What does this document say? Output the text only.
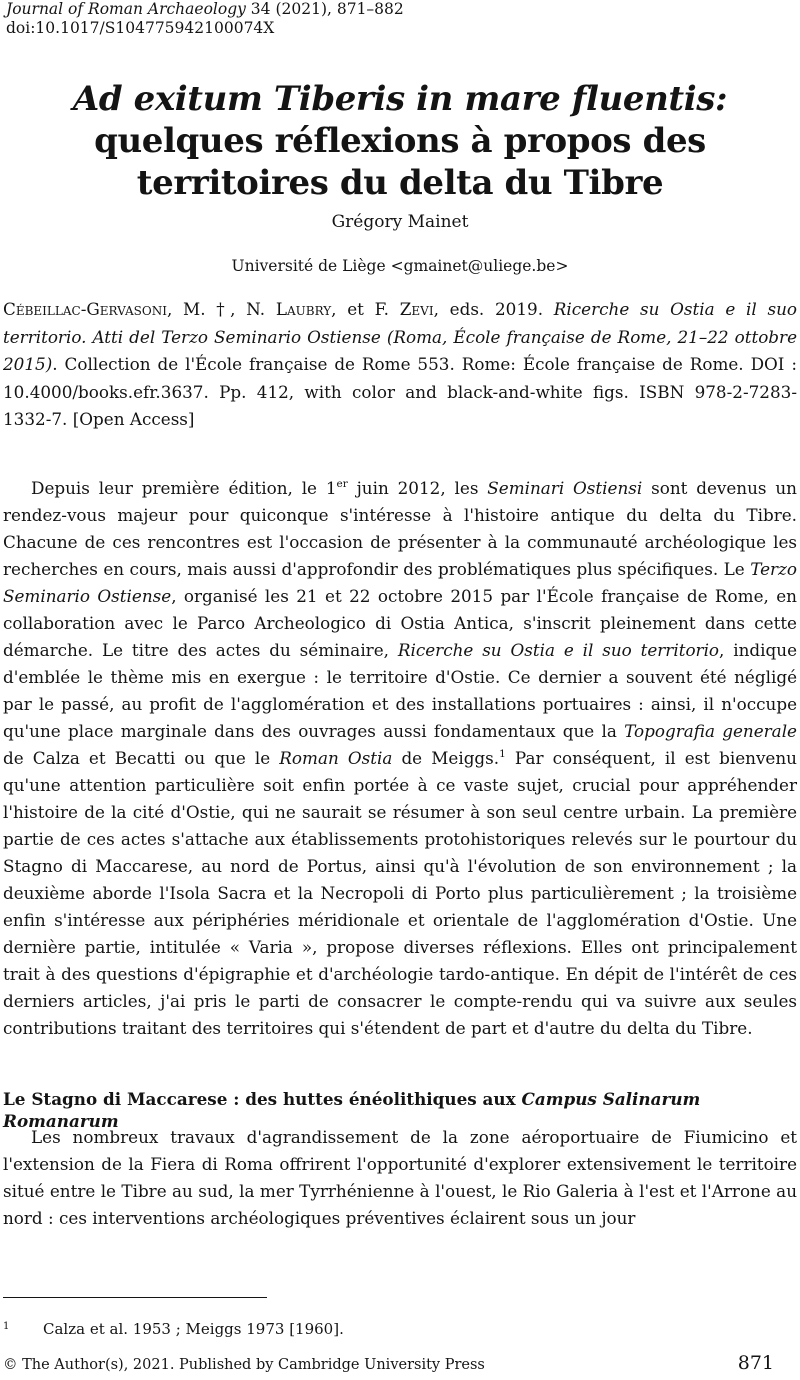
Journal of Roman Archaeology 34 (2021), 871–882
doi:10.1017/S104775942100074X
Ad exitum Tiberis in mare fluentis: quelques réflexions à propos des territoires du delta du Tibre
Grégory Mainet
Université de Liège <gmainet@uliege.be>
Cébeillac-Gervasoni, M. †, N. Laubry, et F. Zevi, eds. 2019. Ricerche su Ostia e il suo territorio. Atti del Terzo Seminario Ostiense (Roma, École française de Rome, 21–22 ottobre 2015). Collection de l'École française de Rome 553. Rome: École française de Rome. DOI : 10.4000/books.efr.3637. Pp. 412, with color and black-and-white figs. ISBN 978-2-7283-1332-7. [Open Access]

Depuis leur première édition, le 1er juin 2012, les Seminari Ostiensi sont devenus un rendez-vous majeur pour quiconque s'intéresse à l'histoire antique du delta du Tibre. Chacune de ces rencontres est l'occasion de présenter à la communauté archéologique les recherches en cours, mais aussi d'approfondir des problématiques plus spécifiques. Le Terzo Seminario Ostiense, organisé les 21 et 22 octobre 2015 par l'École française de Rome, en collaboration avec le Parco Archeologico di Ostia Antica, s'inscrit pleinement dans cette démarche. Le titre des actes du séminaire, Ricerche su Ostia e il suo territorio, indique d'emblée le thème mis en exergue : le territoire d'Ostie. Ce dernier a souvent été négligé par le passé, au profit de l'agglomération et des installations portuaires : ainsi, il n'occupe qu'une place marginale dans des ouvrages aussi fondamentaux que la Topografia generale de Calza et Becatti ou que le Roman Ostia de Meiggs.$^1$ Par conséquent, il est bienvenu qu'une attention particulière soit enfin portée à ce vaste sujet, crucial pour appréhender l'histoire de la cité d'Ostie, qui ne saurait se résumer à son seul centre urbain. La première partie de ces actes s'attache aux établissements protohistoriques relevés sur le pourtour du Stagno di Maccarese, au nord de Portus, ainsi qu'à l'évolution de son environnement ; la deuxième aborde l'Isola Sacra et la Necropoli di Porto plus particulièrement ; la troisième enfin s'intéresse aux périphéries méridionale et orientale de l'agglomération d'Ostie. Une dernière partie, intitulée « Varia », propose diverses réflexions. Elles ont principalement trait à des questions d'épigraphie et d'archéologie tardo-antique. En dépit de l'intérêt de ces derniers articles, j'ai pris le parti de consacrer le compte-rendu qui va suivre aux seules contributions traitant des territoires qui s'étendent de part et d'autre du delta du Tibre.

Le Stagno di Maccarese : des huttes énéolithiques aux Campus Salinarum Romanarum

Les nombreux travaux d'agrandissement de la zone aéroportuaire de Fiumicino et l'extension de la Fiera di Roma offrirent l'opportunité d'explorer extensivement le territoire situé entre le Tibre au sud, la mer Tyrrhénienne à l'ouest, le Rio Galeria à l'est et l'Arrone au nord : ces interventions archéologiques préventives éclairent sous un jour

1 Calza et al. 1953 ; Meiggs 1973 [1960].
© The Author(s), 2021. Published by Cambridge University Press	871
